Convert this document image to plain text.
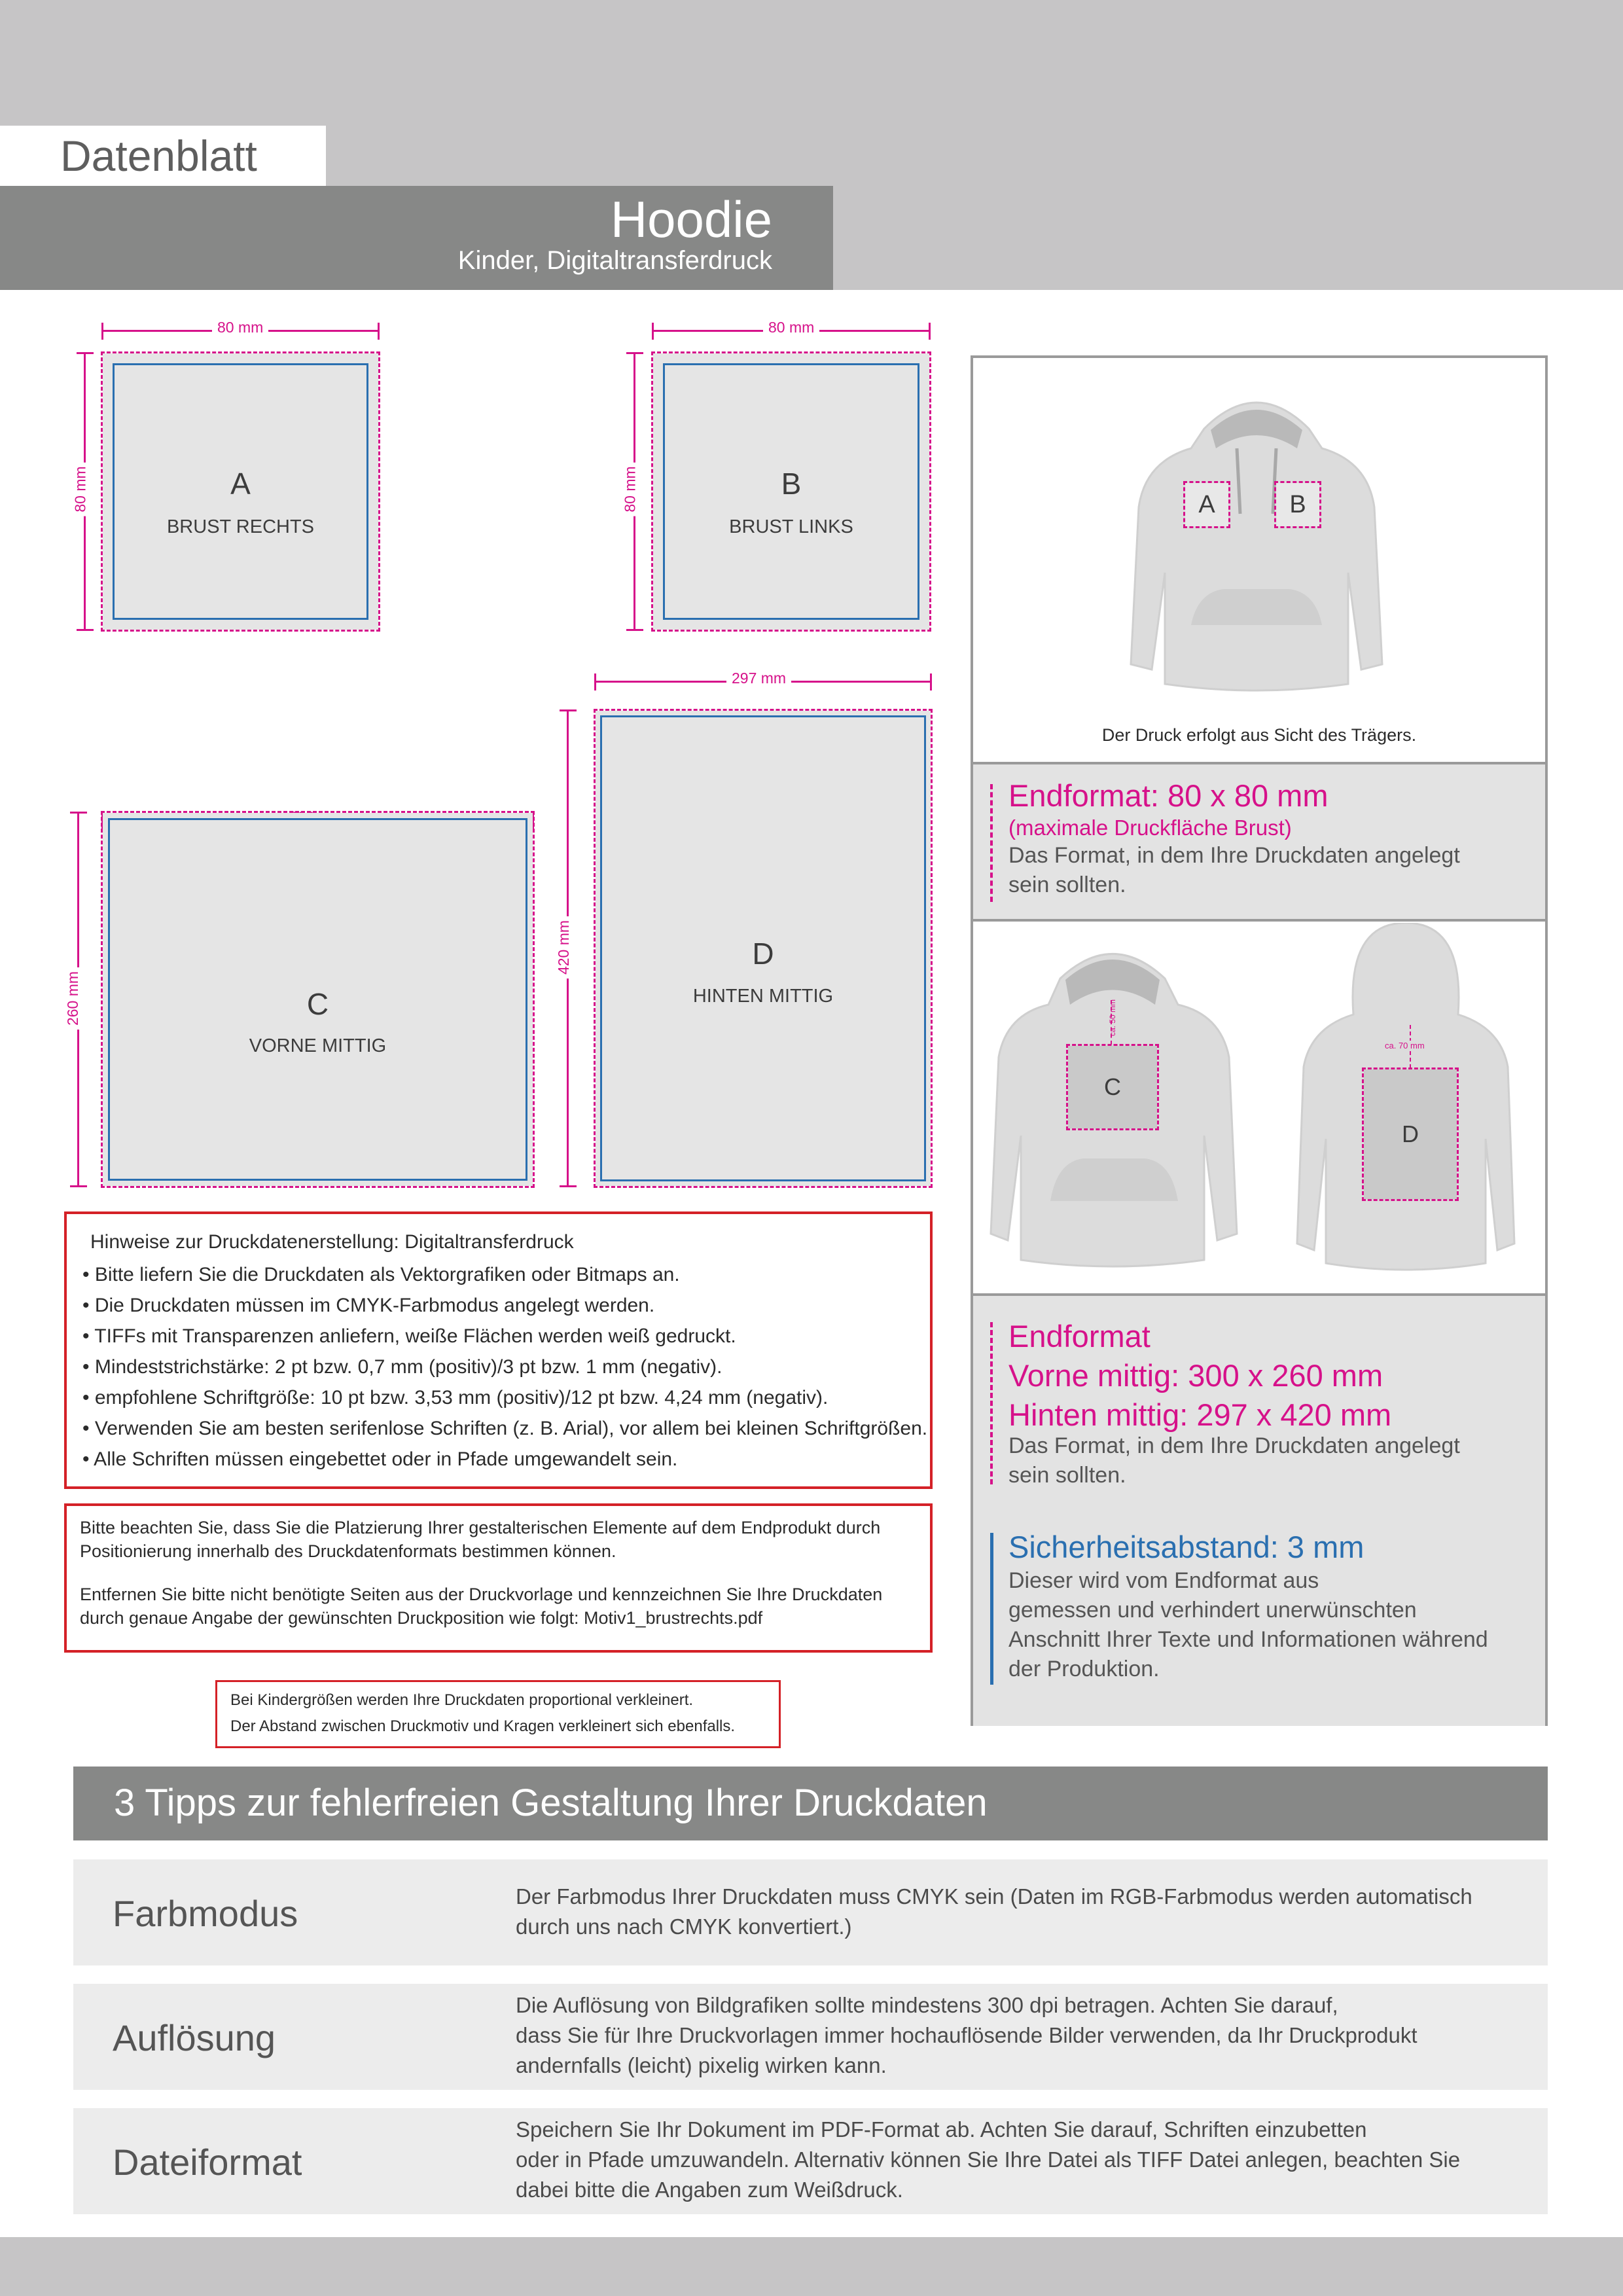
Datenblatt
Hoodie
Kinder, Digitaltransferdruck
80 mm
80 mm	A
BRUST RECHTS
80 mm
80 mm	B
BRUST LINKS
260 mm	C
VORNE MITTIG
297 mm
420 mm	D
HINTEN MITTIG
A	B
Der Druck erfolgt aus Sicht des Trägers.
Endformat: 80 x 80 mm
(maximale Druckfläche Brust)
Das Format, in dem Ihre Druckdaten angelegt
sein sollten.
C
ca. 50 mm
D
ca. 70 mm
Endformat
Vorne mittig: 300 x 260 mm
Hinten mittig: 297 x 420 mm
Das Format, in dem Ihre Druckdaten angelegt
sein sollten.
Sicherheitsabstand: 3 mm
Dieser wird vom Endformat aus
gemessen und verhindert unerwünschten
Anschnitt Ihrer Texte und Informationen während
der Produktion.
Hinweise zur Druckdatenerstellung: Digitaltransferdruck
• Bitte liefern Sie die Druckdaten als Vektorgrafiken oder Bitmaps an.
• Die Druckdaten müssen im CMYK-Farbmodus angelegt werden.
• TIFFs mit Transparenzen anliefern, weiße Flächen werden weiß gedruckt.
• Mindeststrichstärke: 2 pt bzw. 0,7 mm (positiv)/3 pt bzw. 1 mm (negativ).
• empfohlene Schriftgröße: 10 pt bzw. 3,53 mm (positiv)/12 pt bzw. 4,24 mm (negativ).
• Verwenden Sie am besten serifenlose Schriften (z. B. Arial), vor allem bei kleinen Schriftgrößen.
• Alle Schriften müssen eingebettet oder in Pfade umgewandelt sein.
Bitte beachten Sie, dass Sie die Platzierung Ihrer gestalterischen Elemente auf dem Endprodukt durch
Positionierung innerhalb des Druckdatenformats bestimmen können.
Entfernen Sie bitte nicht benötigte Seiten aus der Druckvorlage und kennzeichnen Sie Ihre Druckdaten
durch genaue Angabe der gewünschten Druckposition wie folgt: Motiv1_brustrechts.pdf
Bei Kindergrößen werden Ihre Druckdaten proportional verkleinert.
Der Abstand zwischen Druckmotiv und Kragen verkleinert sich ebenfalls.
3 Tipps zur fehlerfreien Gestaltung Ihrer Druckdaten
Farbmodus	Der Farbmodus Ihrer Druckdaten muss CMYK sein (Daten im RGB-Farbmodus werden automatisch
durch uns nach CMYK konvertiert.)
Auflösung
Die Auflösung von Bildgrafiken sollte mindestens 300 dpi betragen. Achten Sie darauf,
dass Sie für Ihre Druckvorlagen immer hochauflösende Bilder verwenden, da Ihr Druckprodukt
andernfalls (leicht) pixelig wirken kann.
Dateiformat
Speichern Sie Ihr Dokument im PDF-Format ab. Achten Sie darauf, Schriften einzubetten
oder in Pfade umzuwandeln. Alternativ können Sie Ihre Datei als TIFF Datei anlegen, beachten Sie
dabei bitte die Angaben zum Weißdruck.
